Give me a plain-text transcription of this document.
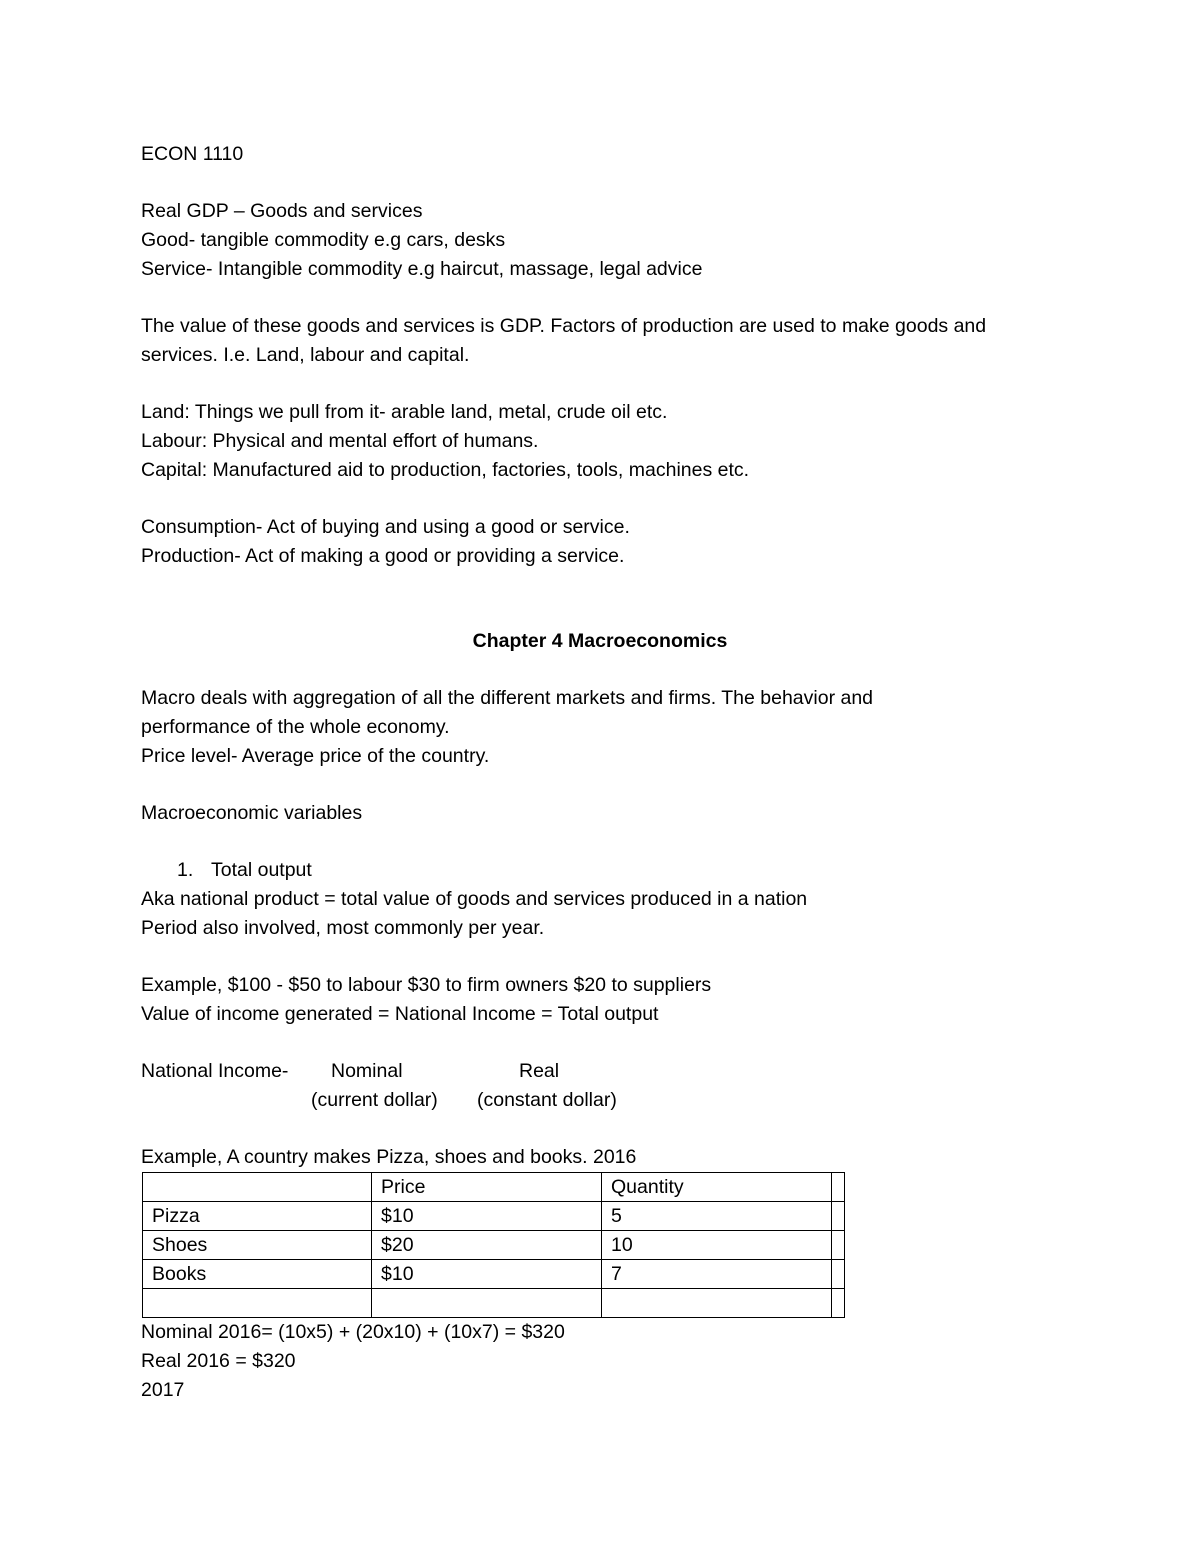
ECON 1110
Real GDP – Goods and services
Good- tangible commodity e.g cars, desks
Service- Intangible commodity e.g haircut, massage, legal advice
The value of these goods and services is GDP. Factors of production are used to make goods and
services. I.e. Land, labour and capital.
Land: Things we pull from it- arable land, metal, crude oil etc.
Labour: Physical and mental effort of humans.
Capital: Manufactured aid to production, factories, tools, machines etc.
Consumption- Act of buying and using a good or service.
Production- Act of making a good or providing a service.
Chapter 4 Macroeconomics
Macro deals with aggregation of all the different markets and firms. The behavior and
performance of the whole economy.
Price level- Average price of the country.
Macroeconomic variables
1. Total output
Aka national product = total value of goods and services produced in a nation
Period also involved, most commonly per year.
Example, $100 - $50 to labour $30 to firm owners $20 to suppliers
Value of income generated = National Income = Total output
National Income- Nominal	Real
(current dollar) (constant dollar)
Example, A country makes Pizza, shoes and books. 2016
	Price	Quantity	
Pizza	$10	5	
Shoes	$20	10	
Books	$10	7	

Nominal 2016= (10x5) + (20x10) + (10x7) = $320
Real 2016 = $320
2017
